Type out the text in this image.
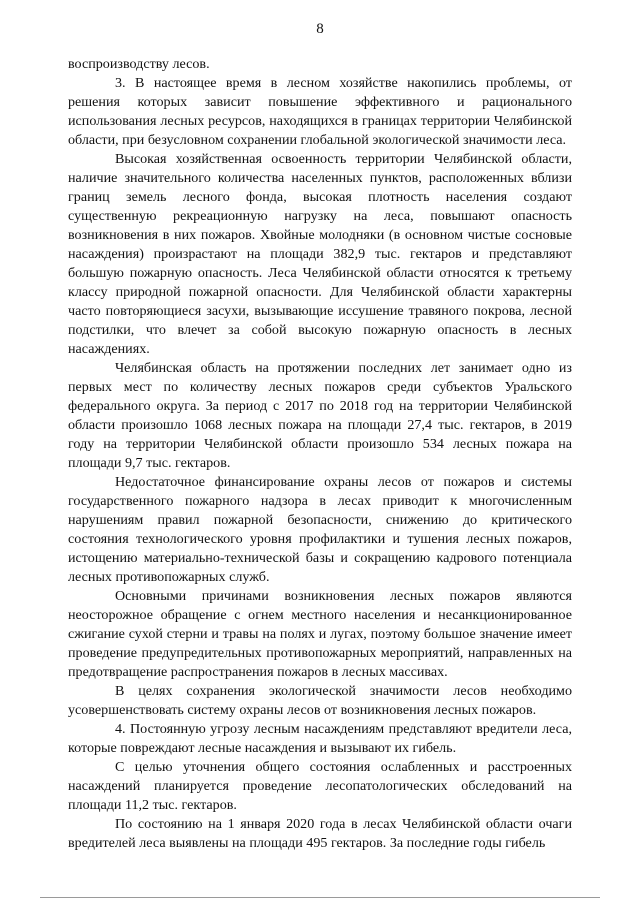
8

воспроизводству лесов.

3. В настоящее время в лесном хозяйстве накопились проблемы, от решения которых зависит повышение эффективного и рационального использования лесных ресурсов, находящихся в границах территории Челябинской области, при безусловном сохранении глобальной экологической значимости леса.

Высокая хозяйственная освоенность территории Челябинской области, наличие значительного количества населенных пунктов, расположенных вблизи границ земель лесного фонда, высокая плотность населения создают существенную рекреационную нагрузку на леса, повышают опасность возникновения в них пожаров. Хвойные молодняки (в основном чистые сосновые насаждения) произрастают на площади 382,9 тыс. гектаров и представляют большую пожарную опасность. Леса Челябинской области относятся к третьему классу природной пожарной опасности. Для Челябинской области характерны часто повторяющиеся засухи, вызывающие иссушение травяного покрова, лесной подстилки, что влечет за собой высокую пожарную опасность в лесных насаждениях.

Челябинская область на протяжении последних лет занимает одно из первых мест по количеству лесных пожаров среди субъектов Уральского федерального округа. За период с 2017 по 2018 год на территории Челябинской области произошло 1068 лесных пожара на площади 27,4 тыс. гектаров, в 2019 году на территории Челябинской области произошло 534 лесных пожара на площади 9,7 тыс. гектаров.

Недостаточное финансирование охраны лесов от пожаров и системы государственного пожарного надзора в лесах приводит к многочисленным нарушениям правил пожарной безопасности, снижению до критического состояния технологического уровня профилактики и тушения лесных пожаров, истощению материально-технической базы и сокращению кадрового потенциала лесных противопожарных служб.

Основными причинами возникновения лесных пожаров являются неосторожное обращение с огнем местного населения и несанкционированное сжигание сухой стерни и травы на полях и лугах, поэтому большое значение имеет проведение предупредительных противопожарных мероприятий, направленных на предотвращение распространения пожаров в лесных массивах.

В целях сохранения экологической значимости лесов необходимо усовершенствовать систему охраны лесов от возникновения лесных пожаров.

4. Постоянную угрозу лесным насаждениям представляют вредители леса, которые повреждают лесные насаждения и вызывают их гибель.

С целью уточнения общего состояния ослабленных и расстроенных насаждений планируется проведение лесопатологических обследований на площади 11,2 тыс. гектаров.

По состоянию на 1 января 2020 года в лесах Челябинской области очаги вредителей леса выявлены на площади 495 гектаров. За последние годы гибель
